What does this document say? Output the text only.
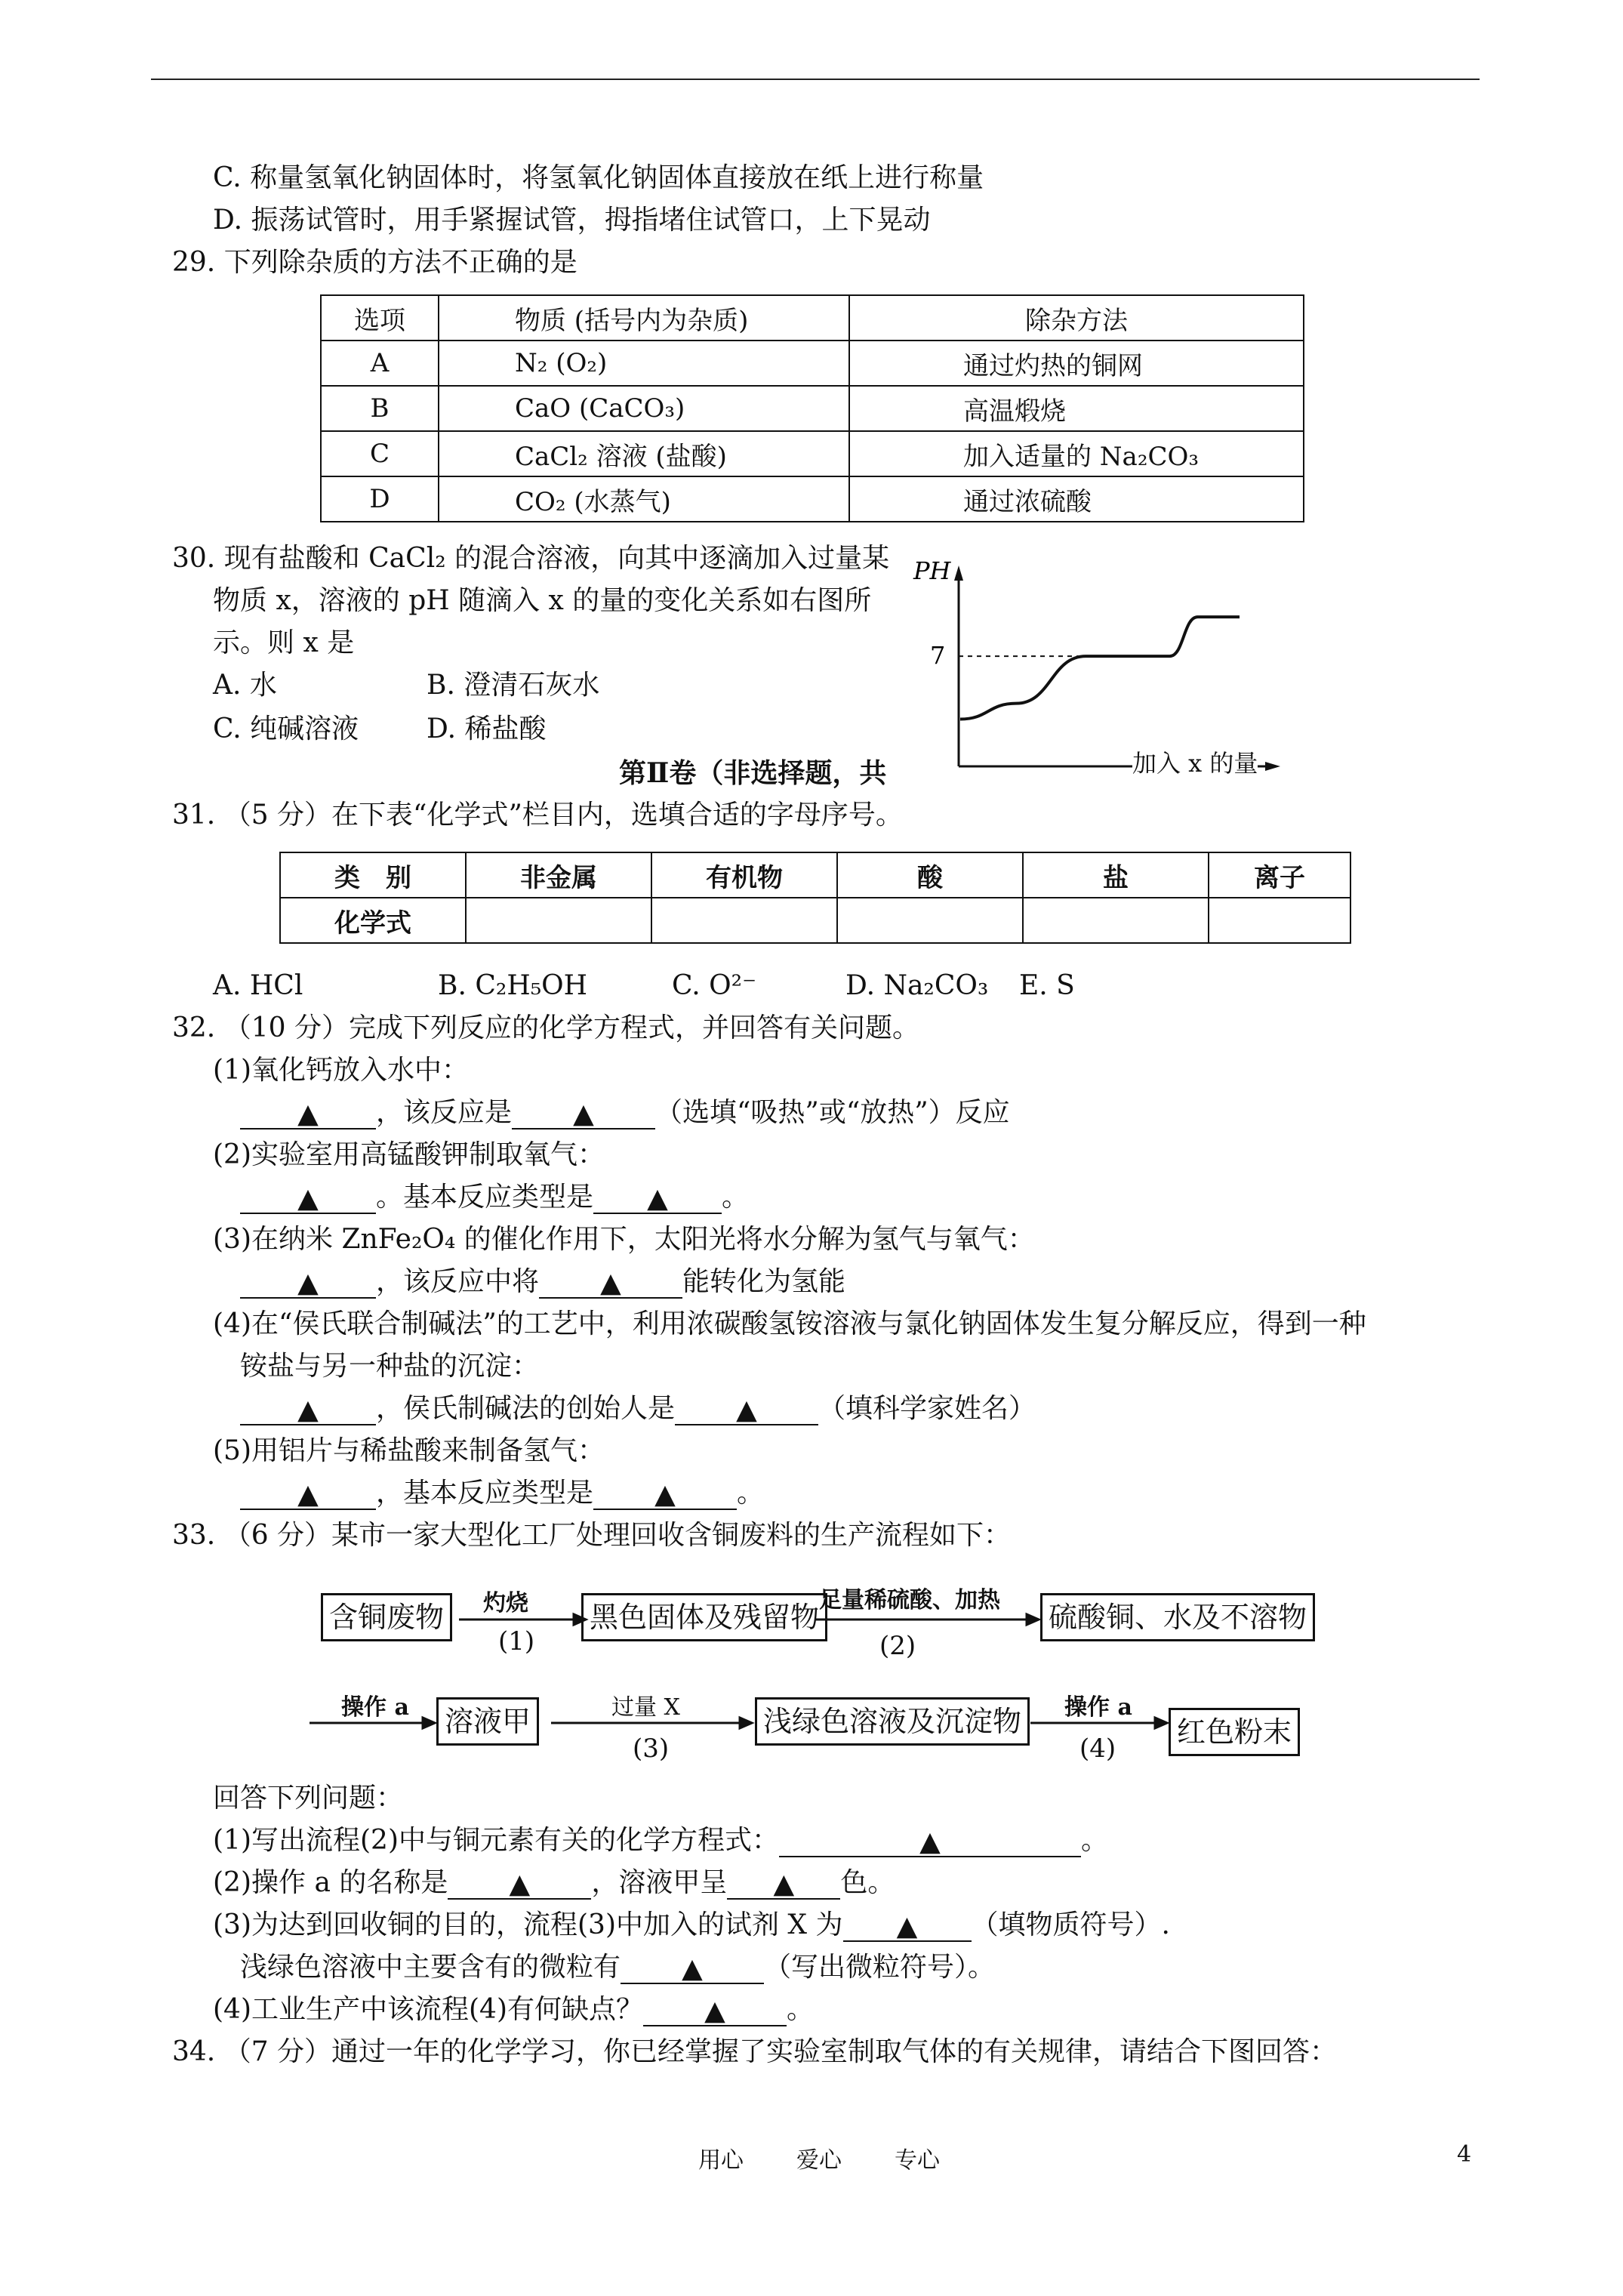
C. 称量氢氧化钠固体时，将氢氧化钠固体直接放在纸上进行称量
D. 振荡试管时，用手紧握试管，拇指堵住试管口，上下晃动
29. 下列除杂质的方法不正确的是
选项	物质 (括号内为杂质)	除杂方法
A	N₂ (O₂)	通过灼热的铜网
B	CaO (CaCO₃)	高温煅烧
C	CaCl₂ 溶液 (盐酸)	加入适量的 Na₂CO₃
D	CO₂ (水蒸气)	通过浓硫酸
30. 现有盐酸和 CaCl₂ 的混合溶液，向其中逐滴加入过量某
物质 x，溶液的 pH 随滴入 x 的量的变化关系如右图所
示。则 x 是
A. 水	B. 澄清石灰水
C. 纯碱溶液 D. 稀盐酸
PH
7
加入 x 的量
第Ⅱ卷（非选择题，共
31. （5 分）在下表“化学式”栏目内，选填合适的字母序号。
类　别	非金属	有机物	酸	盐	离子
化学式					
A. HCl	B. C₂H₅OH	C. O²⁻	D. Na₂CO₃ E. S
32. （10 分）完成下列反应的化学方程式，并回答有关问题。
(1)氧化钙放入水中：
▲ ，该反应是 ▲ （选填“吸热”或“放热”）反应
(2)实验室用高锰酸钾制取氧气：
▲ 。基本反应类型是 ▲ 。
(3)在纳米 ZnFe₂O₄ 的催化作用下，太阳光将水分解为氢气与氧气：
▲ ，该反应中将 ▲ 能转化为氢能
(4)在“侯氏联合制碱法”的工艺中，利用浓碳酸氢铵溶液与氯化钠固体发生复分解反应，得到一种
铵盐与另一种盐的沉淀：
▲ ，侯氏制碱法的创始人是 ▲ （填科学家姓名）
(5)用铝片与稀盐酸来制备氢气：
▲ ，基本反应类型是 ▲ 。
33. （6 分）某市一家大型化工厂处理回收含铜废料的生产流程如下：
含铜废物	黑色固体及残留物	硫酸铜、水及不溶物
溶液甲	浅绿色溶液及沉淀物	红色粉末
灼烧
(1)
足量稀硫酸、加热
(2)
操作 a	过量 X
(3)
操作 a
(4)
回答下列问题：
(1)写出流程(2)中与铜元素有关的化学方程式：	▲	。
(2)操作 a 的名称是 ▲ ，溶液甲呈 ▲ 色。
(3)为达到回收铜的目的，流程(3)中加入的试剂 X 为 ▲ （填物质符号）.
浅绿色溶液中主要含有的微粒有 ▲ （写出微粒符号）。
(4)工业生产中该流程(4)有何缺点？ ▲ 。
34. （7 分）通过一年的化学学习，你已经掌握了实验室制取气体的有关规律，请结合下图回答：
用心 爱心 专心	4
